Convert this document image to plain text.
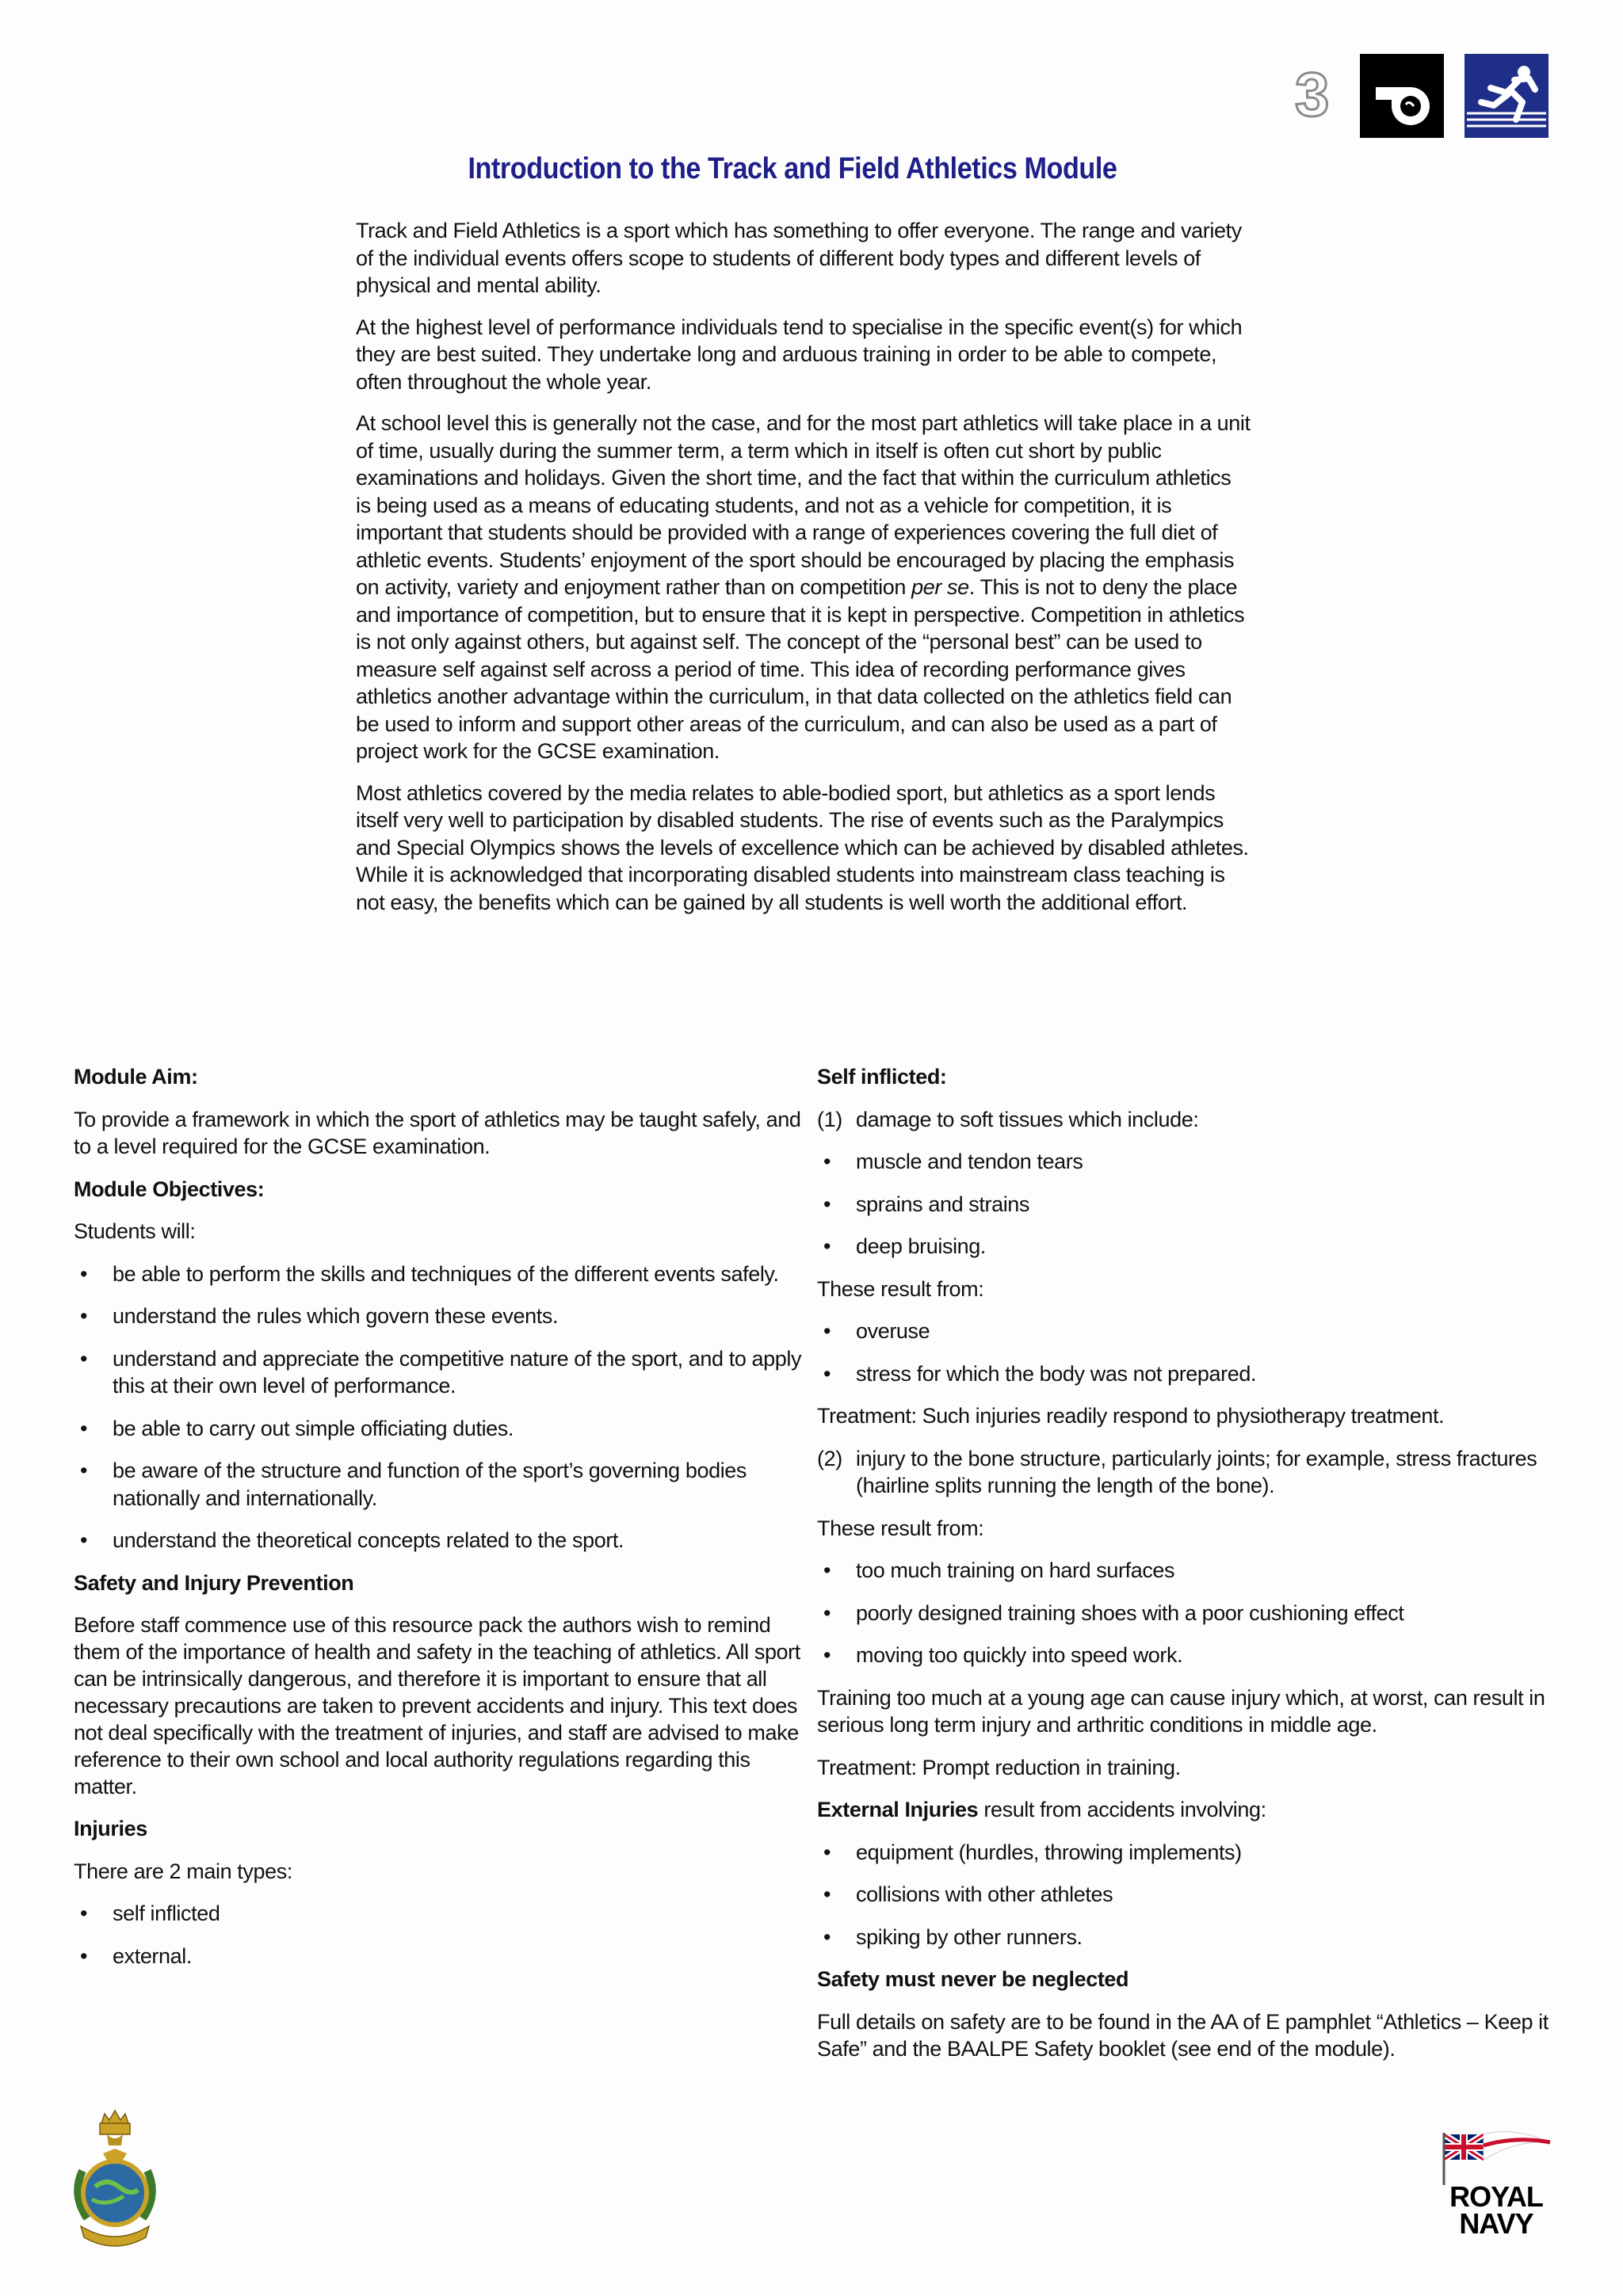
3
Introduction to the Track and Field Athletics Module

Track and Field Athletics is a sport which has something to offer everyone. The range and variety of the individual events offers scope to students of different body types and different levels of physical and mental ability.

At the highest level of performance individuals tend to specialise in the specific event(s) for which they are best suited. They undertake long and arduous training in order to be able to compete, often throughout the whole year.

At school level this is generally not the case, and for the most part athletics will take place in a unit of time, usually during the summer term, a term which in itself is often cut short by public examinations and holidays. Given the short time, and the fact that within the curriculum athletics is being used as a means of educating students, and not as a vehicle for competition, it is important that students should be provided with a range of experiences covering the full diet of athletic events. Students’ enjoyment of the sport should be encouraged by placing the emphasis on activity, variety and enjoyment rather than on competition per se. This is not to deny the place and importance of competition, but to ensure that it is kept in perspective. Competition in athletics is not only against others, but against self. The concept of the “personal best” can be used to measure self against self across a period of time. This idea of recording performance gives athletics another advantage within the curriculum, in that data collected on the athletics field can be used to inform and support other areas of the curriculum, and can also be used as a part of project work for the GCSE examination.

Most athletics covered by the media relates to able-bodied sport, but athletics as a sport lends itself very well to participation by disabled students. The rise of events such as the Paralympics and Special Olympics shows the levels of excellence which can be achieved by disabled athletes. While it is acknowledged that incorporating disabled students into mainstream class teaching is not easy, the benefits which can be gained by all students is well worth the additional effort.

Module Aim:

To provide a framework in which the sport of athletics may be taught safely, and to a level required for the GCSE examination.

Module Objectives:

Students will:

• be able to perform the skills and techniques of the different events safely.
• understand the rules which govern these events.
• understand and appreciate the competitive nature of the sport, and to apply this at their own level of performance.
• be able to carry out simple officiating duties.
• be aware of the structure and function of the sport’s governing bodies nationally and internationally.
• understand the theoretical concepts related to the sport.

Safety and Injury Prevention

Before staff commence use of this resource pack the authors wish to remind them of the importance of health and safety in the teaching of athletics. All sport can be intrinsically dangerous, and therefore it is important to ensure that all necessary precautions are taken to prevent accidents and injury. This text does not deal specifically with the treatment of injuries, and staff are advised to make reference to their own school and local authority regulations regarding this matter.

Injuries

There are 2 main types:

• self inflicted
• external.

Self inflicted:

(1) damage to soft tissues which include:
• muscle and tendon tears
• sprains and strains
• deep bruising.

These result from:

• overuse
• stress for which the body was not prepared.

Treatment: Such injuries readily respond to physiotherapy treatment.

(2) injury to the bone structure, particularly joints; for example, stress fractures (hairline splits running the length of the bone).

These result from:

• too much training on hard surfaces
• poorly designed training shoes with a poor cushioning effect
• moving too quickly into speed work.

Training too much at a young age can cause injury which, at worst, can result in serious long term injury and arthritic conditions in middle age.

Treatment: Prompt reduction in training.

External Injuries result from accidents involving:

• equipment (hurdles, throwing implements)
• collisions with other athletes
• spiking by other runners.

Safety must never be neglected

Full details on safety are to be found in the AA of E pamphlet “Athletics – Keep it Safe” and the BAALPE Safety booklet (see end of the module).

ROYAL
NAVY
